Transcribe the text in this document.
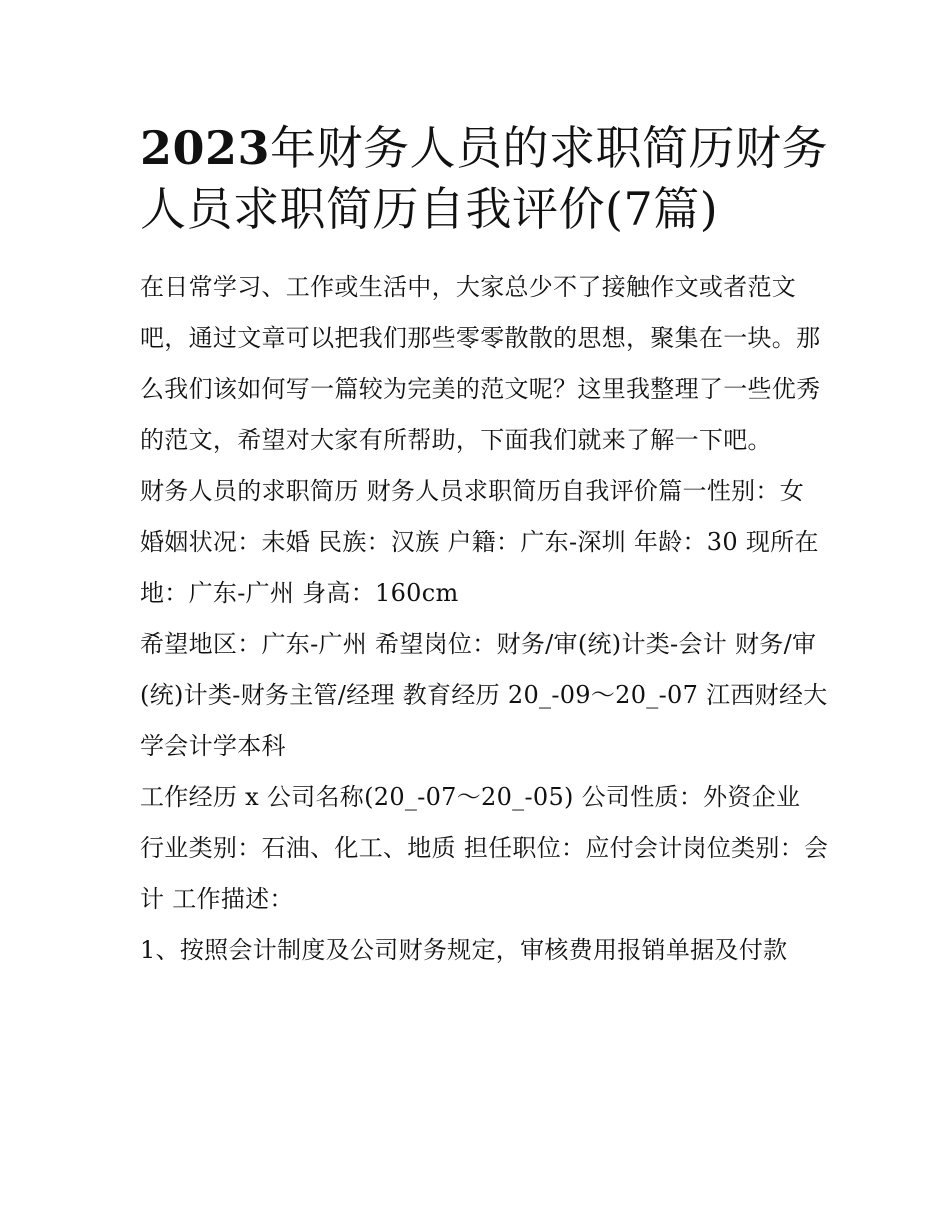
2023年财务人员的求职简历财务人员求职简历自我评价(7篇)

在日常学习、工作或生活中，大家总少不了接触作文或者范文吧，通过文章可以把我们那些零零散散的思想，聚集在一块。那么我们该如何写一篇较为完美的范文呢？这里我整理了一些优秀的范文，希望对大家有所帮助，下面我们就来了解一下吧。

财务人员的求职简历 财务人员求职简历自我评价篇一性别：女 婚姻状况：未婚 民族：汉族 户籍：广东-深圳 年龄：30 现所在地：广东-广州 身高：160cm

希望地区：广东-广州 希望岗位：财务/审(统)计类-会计 财务/审(统)计类-财务主管/经理 教育经历 20_-09～20_-07 江西财经大学会计学本科

工作经历 x 公司名称(20_-07～20_-05) 公司性质：外资企业 行业类别：石油、化工、地质 担任职位：应付会计岗位类别：会计 工作描述：

1、按照会计制度及公司财务规定，审核费用报销单据及付款
